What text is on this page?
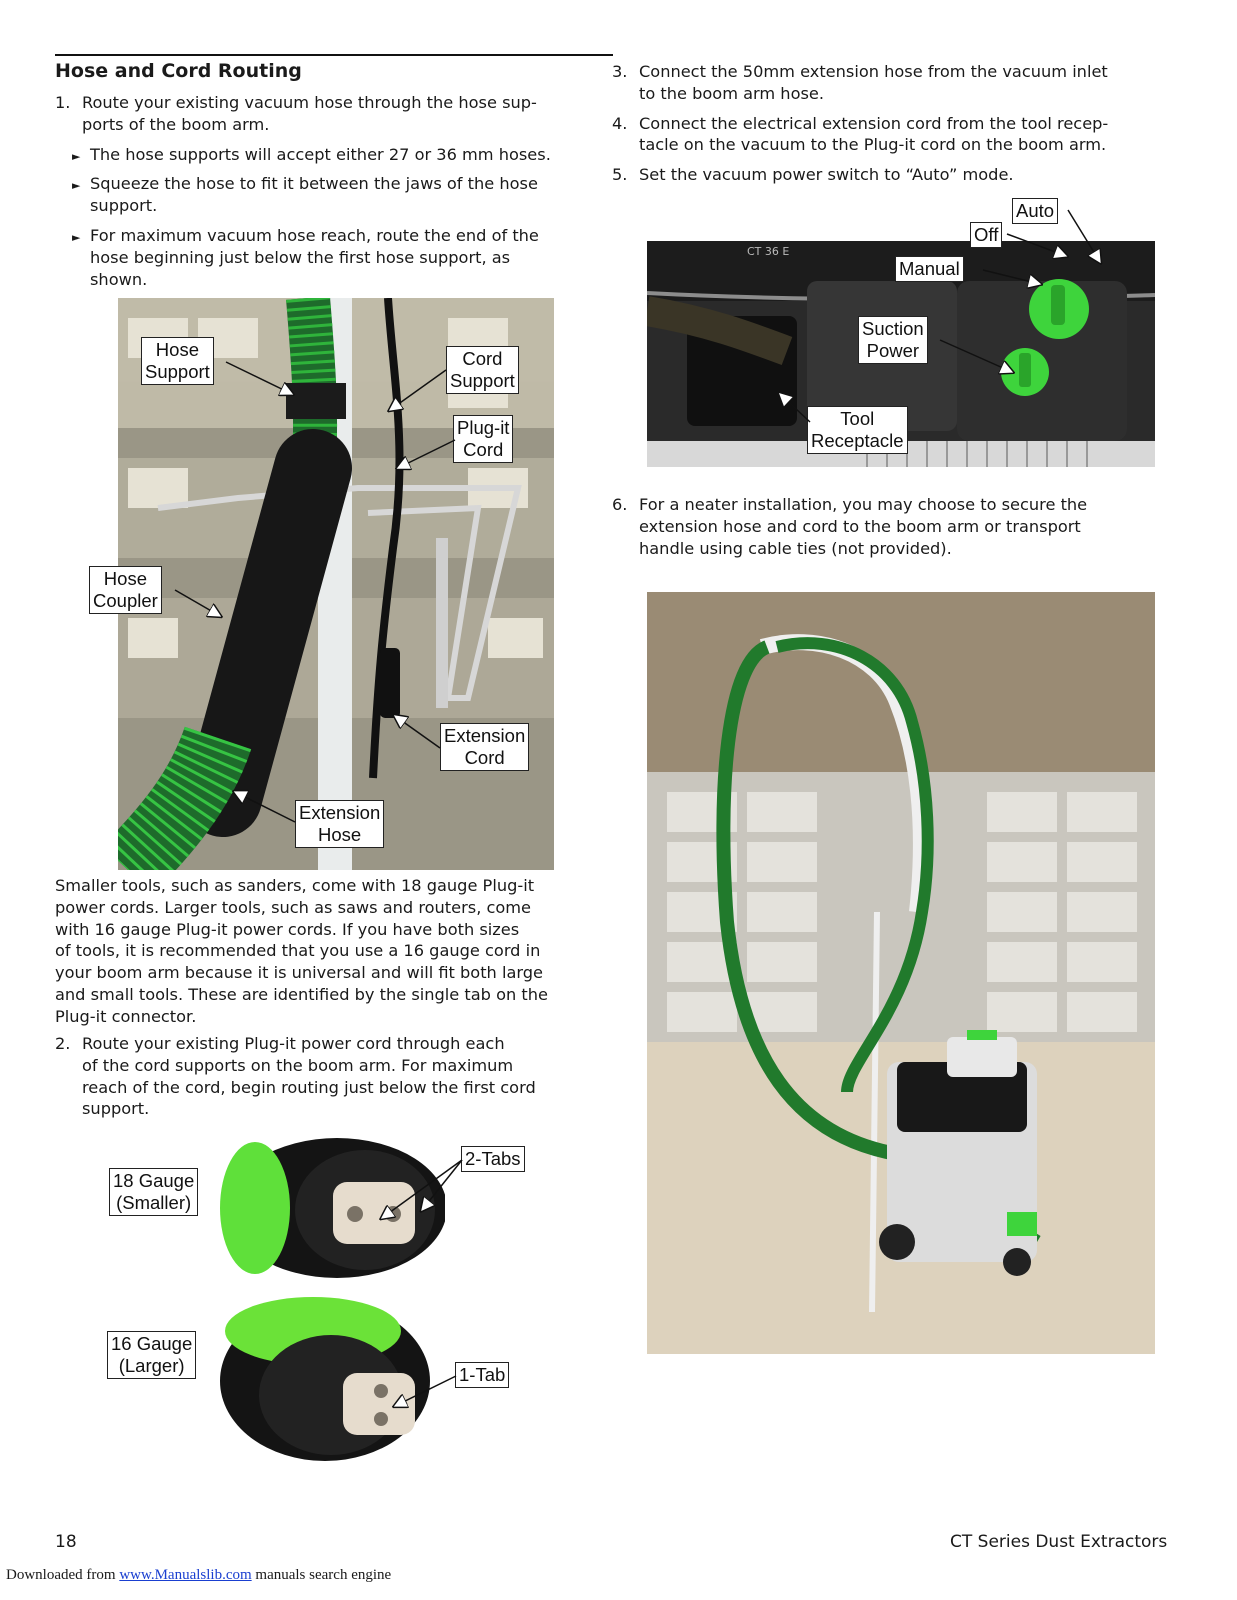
Hose and Cord Routing
1. Route your existing vacuum hose through the hose sup-
ports of the boom arm.
► The hose supports will accept either 27 or 36 mm hoses.
► Squeeze the hose to fit it between the jaws of the hose
support.
► For maximum vacuum hose reach, route the end of the
hose beginning just below the first hose support, as
shown.
Hose
Support
Cord
Support
Plug-it
Cord
Hose
Coupler
Extension
Cord
Extension
Hose
Smaller tools, such as sanders, come with 18 gauge Plug-it
power cords. Larger tools, such as saws and routers, come
with 16 gauge Plug-it power cords. If you have both sizes
of tools, it is recommended that you use a 16 gauge cord in
your boom arm because it is universal and will fit both large
and small tools. These are identified by the single tab on the
Plug-it connector.
2. Route your existing Plug-it power cord through each
of the cord supports on the boom arm. For maximum
reach of the cord, begin routing just below the first cord
support.
18 Gauge
(Smaller)
16 Gauge
(Larger)
2-Tabs
1-Tab
3. Connect the 50mm extension hose from the vacuum inlet
to the boom arm hose.
4. Connect the electrical extension cord from the tool recep-
tacle on the vacuum to the Plug-it cord on the boom arm.
5. Set the vacuum power switch to “Auto” mode.
CT 36 E
Auto
Off
Manual
Suction
Power
Tool
Receptacle
6. For a neater installation, you may choose to secure the
extension hose and cord to the boom arm or transport
handle using cable ties (not provided).
18	CT Series Dust Extractors
Downloaded from www.Manualslib.com manuals search engine
